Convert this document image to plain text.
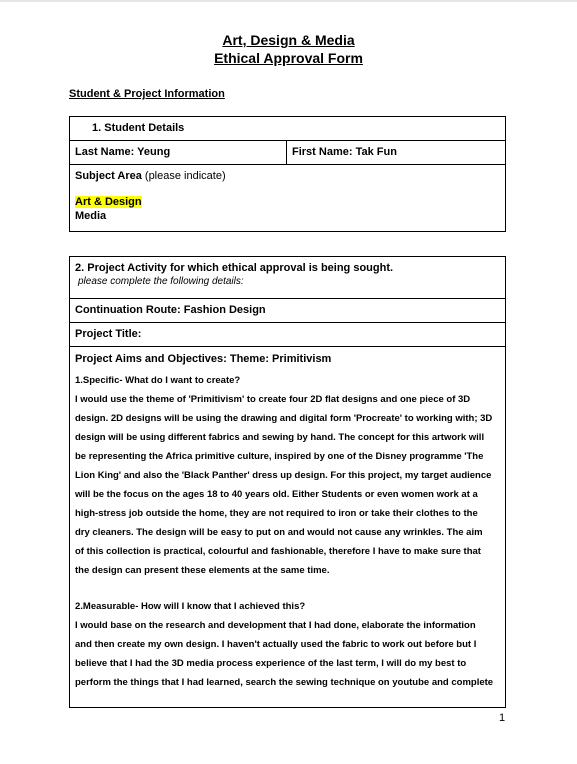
Art, Design & Media
Ethical Approval Form
Student & Project Information
1. Student Details
Last Name: Yeung	First Name: Tak Fun
Subject Area (please indicate)
Art & Design
Media
2. Project Activity for which ethical approval is being sought.
please complete the following details:

Continuation Route: Fashion Design
Project Title:

Project Aims and Objectives: Theme: Primitivism
1.Specific- What do I want to create?
I would use the theme of 'Primitivism' to create four 2D flat designs and one piece of 3D
design. 2D designs will be using the drawing and digital form 'Procreate' to working with; 3D
design will be using different fabrics and sewing by hand. The concept for this artwork will
be representing the Africa primitive culture, inspired by one of the Disney programme 'The
Lion King' and also the 'Black Panther' dress up design. For this project, my target audience
will be the focus on the ages 18 to 40 years old. Either Students or even women work at a
high-stress job outside the home, they are not required to iron or take their clothes to the
dry cleaners. The design will be easy to put on and would not cause any wrinkles. The aim
of this collection is practical, colourful and fashionable, therefore I have to make sure that
the design can present these elements at the same time.
2.Measurable- How will I know that I achieved this?
I would base on the research and development that I had done, elaborate the information
and then create my own design. I haven't actually used the fabric to work out before but I
believe that I had the 3D media process experience of the last term, I will do my best to
perform the things that I had learned, search the sewing technique on youtube and complete
1
